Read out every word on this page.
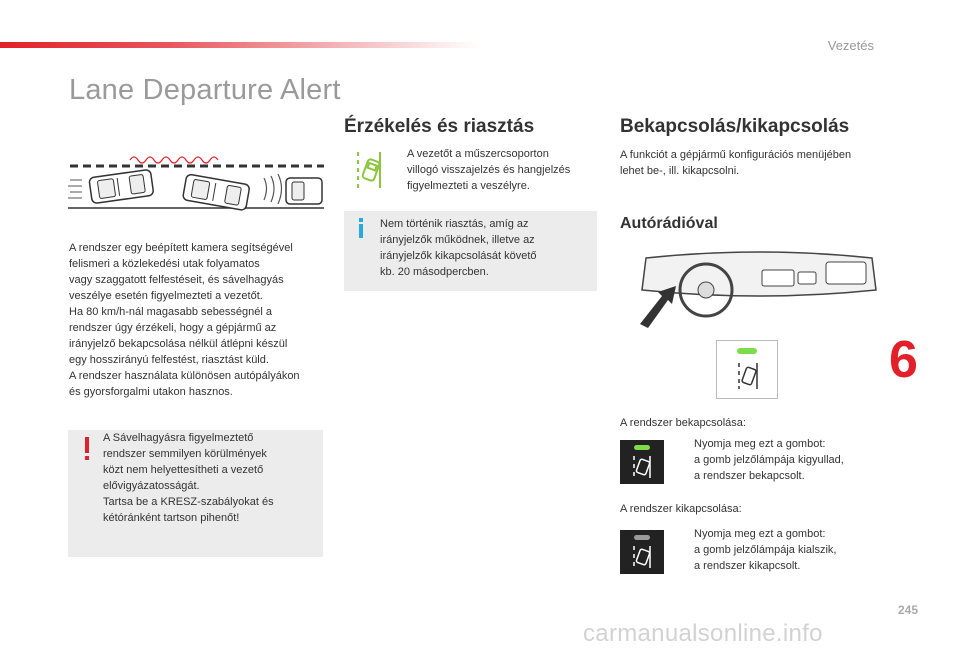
Vezetés
Lane Departure Alert

A rendszer egy beépített kamera segítségével
felismeri a közlekedési utak folyamatos
vagy szaggatott felfestéseit, és sávelhagyás
veszélye esetén figyelmezteti a vezetőt.
Ha 80 km/h-nál magasabb sebességnél a
rendszer úgy érzékeli, hogy a gépjármű az
irányjelző bekapcsolása nélkül átlépni készül
egy hosszirányú felfestést, riasztást küld.
A rendszer használata különösen autópályákon
és gyorsforgalmi utakon hasznos.

A Sávelhagyásra figyelmeztető
rendszer semmilyen körülmények
közt nem helyettesítheti a vezető
elővigyázatosságát.
Tartsa be a KRESZ-szabályokat és
kétóránként tartson pihenőt!

Érzékelés és riasztás

A vezetőt a műszercsoporton
villogó visszajelzés és hangjelzés
figyelmezteti a veszélyre.

Nem történik riasztás, amíg az
irányjelzők működnek, illetve az
irányjelzők kikapcsolását követő
kb. 20 másodpercben.

Bekapcsolás/kikapcsolás

A funkciót a gépjármű konfigurációs menüjében
lehet be-, ill. kikapcsolni.

Autórádióval

A rendszer bekapcsolása:

Nyomja meg ezt a gombot:
a gomb jelzőlámpája kigyullad,
a rendszer bekapcsolt.

A rendszer kikapcsolása:

Nyomja meg ezt a gombot:
a gomb jelzőlámpája kialszik,
a rendszer kikapcsolt.

6
245
carmanualsonline.info
